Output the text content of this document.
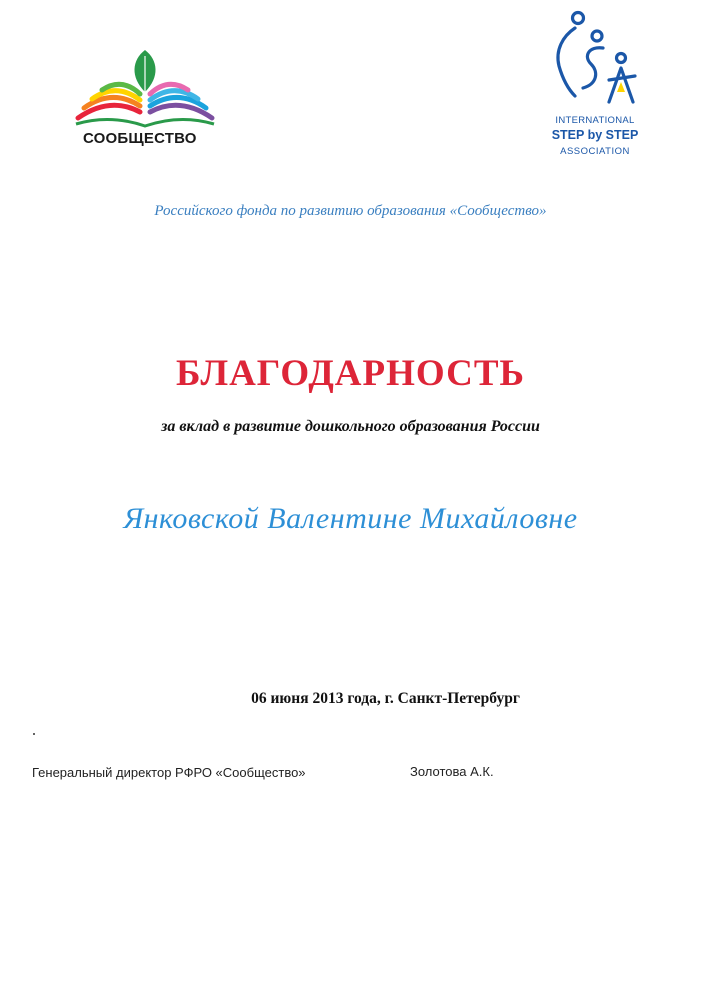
СООБЩЕСТВО
INTERNATIONAL
STEP by STEP
ASSOCIATION
Российского фонда по развитию образования «Сообщество»
БЛАГОДАРНОСТЬ
за вклад в развитие дошкольного образования России
Янковской Валентине Михайловне
06 июня 2013 года, г. Санкт-Петербург
Генеральный директор РФРО «Сообщество»	Золотова А.К.
